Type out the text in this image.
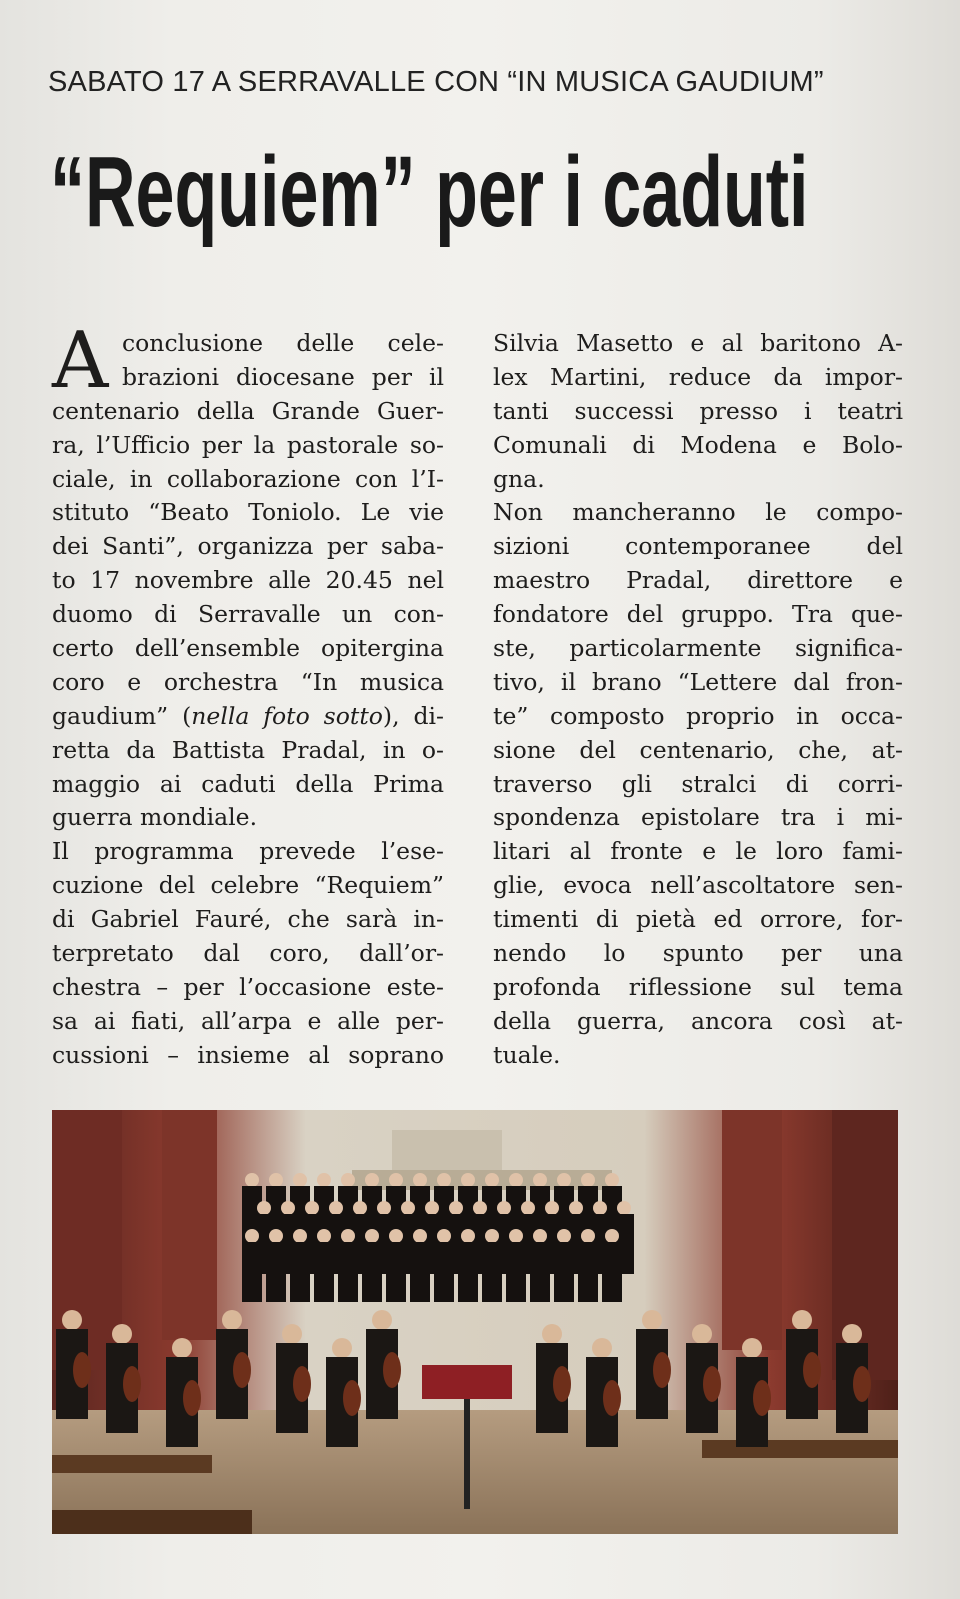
SABATO 17 A SERRAVALLE CON “IN MUSICA GAUDIUM”
“Requiem” per i caduti
A conclusione delle cele-
brazioni diocesane per il
centenario della Grande Guer-
ra, l’Ufficio per la pastorale so-
ciale, in collaborazione con l’I-
stituto “Beato Toniolo. Le vie
dei Santi”, organizza per saba-
to 17 novembre alle 20.45 nel
duomo di Serravalle un con-
certo dell’ensemble opitergina
coro e orchestra “In musica
gaudium” (nella foto sotto), di-
retta da Battista Pradal, in o-
maggio ai caduti della Prima
guerra mondiale.
Il programma prevede l’ese-
cuzione del celebre “Requiem”
di Gabriel Fauré, che sarà in-
terpretato dal coro, dall’or-
chestra – per l’occasione este-
sa ai fiati, all’arpa e alle per-
cussioni – insieme al soprano
Silvia Masetto e al baritono A-
lex Martini, reduce da impor-
tanti successi presso i teatri
Comunali di Modena e Bolo-
gna.
Non mancheranno le compo-
sizioni contemporanee del
maestro Pradal, direttore e
fondatore del gruppo. Tra que-
ste, particolarmente significa-
tivo, il brano “Lettere dal fron-
te” composto proprio in occa-
sione del centenario, che, at-
traverso gli stralci di corri-
spondenza epistolare tra i mi-
litari al fronte e le loro fami-
glie, evoca nell’ascoltatore sen-
timenti di pietà ed orrore, for-
nendo lo spunto per una
profonda riflessione sul tema
della guerra, ancora così at-
tuale.
